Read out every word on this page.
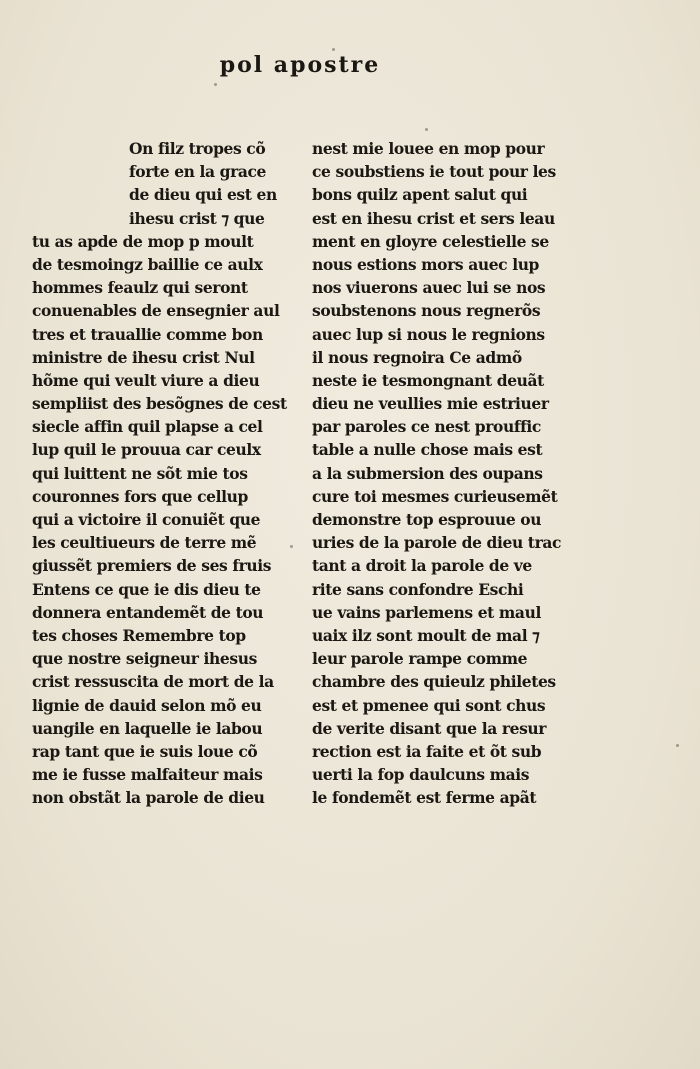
pol apostre
On filz tropes cõ
forte en la grace
de dieu qui est en
ihesu crist ⁊ que
tu as apde de mop p moult
de tesmoingz baillie ce aulx
hommes feaulz qui seront
conuenables de ensegnier aul
tres et trauallie comme bon
ministre de ihesu crist Nul
hõme qui veult viure a dieu
sempliist des besõgnes de cest
siecle affin quil plapse a cel
lup quil le prouua car ceulx
qui luittent ne sõt mie tos
couronnes fors que cellup
qui a victoire il conuiẽt que
les ceultiueurs de terre mẽ
giussẽt premiers de ses fruis
Entens ce que ie dis dieu te
donnera entandemẽt de tou
tes choses Remembre top
que nostre seigneur ihesus
crist ressuscita de mort de la
lignie de dauid selon mõ eu
uangile en laquelle ie labou
rap tant que ie suis loue cõ
me ie fusse malfaiteur mais
non obstãt la parole de dieu
nest mie louee en mop pour
ce soubstiens ie tout pour les
bons quilz apent salut qui
est en ihesu crist et sers leau
ment en gloyre celestielle se
nous estions mors auec lup
nos viuerons auec lui se nos
soubstenons nous regnerõs
auec lup si nous le regnions
il nous regnoira Ce admõ
neste ie tesmongnant deuãt
dieu ne veullies mie estriuer
par paroles ce nest prouffic
table a nulle chose mais est
a la submersion des oupans
cure toi mesmes curieusemẽt
demonstre top esprouue ou
uries de la parole de dieu trac
tant a droit la parole de ve
rite sans confondre Eschi
ue vains parlemens et maul
uaix ilz sont moult de mal ⁊
leur parole rampe comme
chambre des quieulz philetes
est et pmenee qui sont chus
de verite disant que la resur
rection est ia faite et õt sub
uerti la fop daulcuns mais
le fondemẽt est ferme apãt
